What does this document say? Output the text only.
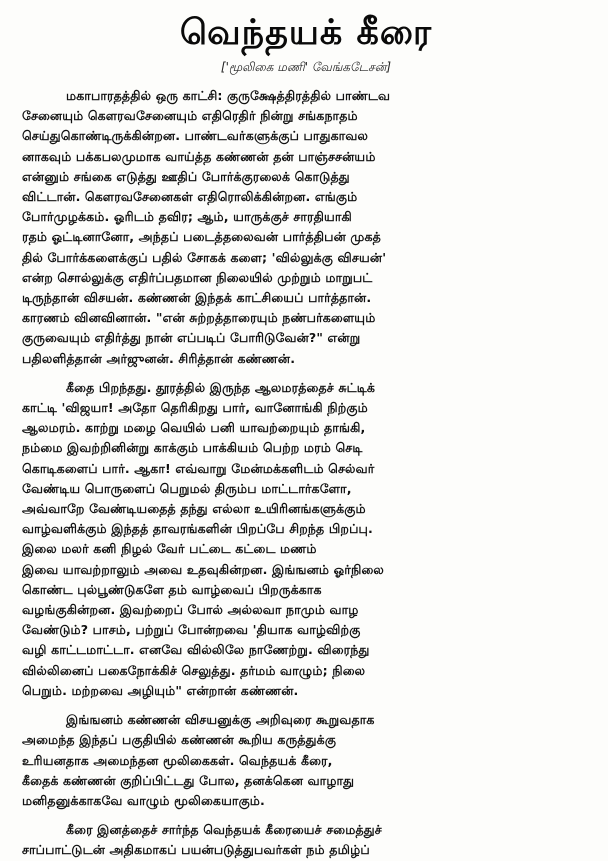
வெந்தயக் கீரை
['மூலிகை மணி' வேங்கடேசன்]
மகாபாரதத்தில் ஒரு காட்சி: குருக்ஷேத்திரத்தில் பாண்டவ
சேனையும் கௌரவசேனையும் எதிரெதிர் நின்று சங்கநாதம்
செய்துகொண்டிருக்கின்றன. பாண்டவர்களுக்குப் பாதுகாவல
னாகவும் பக்கபலமுமாக வாய்த்த கண்ணன் தன் பாஞ்சசன்யம்
என்னும் சங்கை எடுத்து ஊதிப் போர்க்குரலைக் கொடுத்து
விட்டான். கௌரவசேனைகள் எதிரொலிக்கின்றன. எங்கும்
போர்முழக்கம். ஓரிடம் தவிர; ஆம், யாருக்குச் சாரதியாகி
ரதம் ஓட்டினானோ, அந்தப் படைத்தலைவன் பார்த்திபன் முகத்
தில் போர்க்களைக்குப் பதில் சோகக் களை; 'வில்லுக்கு விசயன்'
என்ற சொல்லுக்கு எதிர்ப்பதமான நிலையில் முற்றும் மாறுபட்
டிருந்தான் விசயன். கண்ணன் இந்தக் காட்சியைப் பார்த்தான்.
காரணம் வினவினான். "என் சுற்றத்தாரையும் நண்பர்களையும்
குருவையும் எதிர்த்து நான் எப்படிப் போரிடுவேன்?" என்று
பதிலளித்தான் அர்ஜுனன். சிரித்தான் கண்ணன்.
கீதை பிறந்தது. தூரத்தில் இருந்த ஆலமரத்தைச் சுட்டிக்
காட்டி 'விஜயா! அதோ தெரிகிறது பார், வானோங்கி நிற்கும்
ஆலமரம். காற்று மழை வெயில் பனி யாவற்றையும் தாங்கி,
நம்மை இவற்றினின்று காக்கும் பாக்கியம் பெற்ற மரம் செடி
கொடிகளைப் பார். ஆகா! எவ்வாறு மேன்மக்களிடம் செல்வர்
வேண்டிய பொருளைப் பெறுமல் திரும்ப மாட்டார்களோ,
அவ்வாறே வேண்டியதைத் தந்து எல்லா உயிரினங்களுக்கும்
வாழ்வளிக்கும் இந்தத் தாவரங்களின் பிறப்பே சிறந்த பிறப்பு.
இலை மலர் கனி நிழல் வேர் பட்டை கட்டை மணம்
இவை யாவற்றாலும் அவை உதவுகின்றன. இங்ஙனம் ஓர்நிலை
கொண்ட புல்பூண்டுகளே தம் வாழ்வைப் பிறருக்காக
வழங்குகின்றன. இவற்றைப் போல் அல்லவா நாமும் வாழ
வேண்டும்? பாசம், பற்றுப் போன்றவை 'தியாக வாழ்விற்கு
வழி காட்டமாட்டா. எனவே வில்லிலே நாணேற்று. விரைந்து
வில்லினைப் பகைநோக்கிச் செலுத்து. தர்மம் வாழும்; நிலை
பெறும். மற்றவை அழியும்" என்றான் கண்ணன்.
இங்ஙனம் கண்ணன் விசயனுக்கு அறிவுரை கூறுவதாக
அமைந்த இந்தப் பகுதியில் கண்ணன் கூறிய கருத்துக்கு
உரியனதாக அமைந்தன மூலிகைகள். வெந்தயக் கீரை,
கீதைக் கண்ணன் குறிப்பிட்டது போல, தனக்கென வாழாது
மனிதனுக்காகவே வாழும் மூலிகையாகும்.
கீரை இனத்தைச் சார்ந்த வெந்தயக் கீரையைச் சமைத்துச்
சாப்பாட்டுடன் அதிகமாகப் பயன்படுத்துபவர்கள் நம் தமிழ்ப்
